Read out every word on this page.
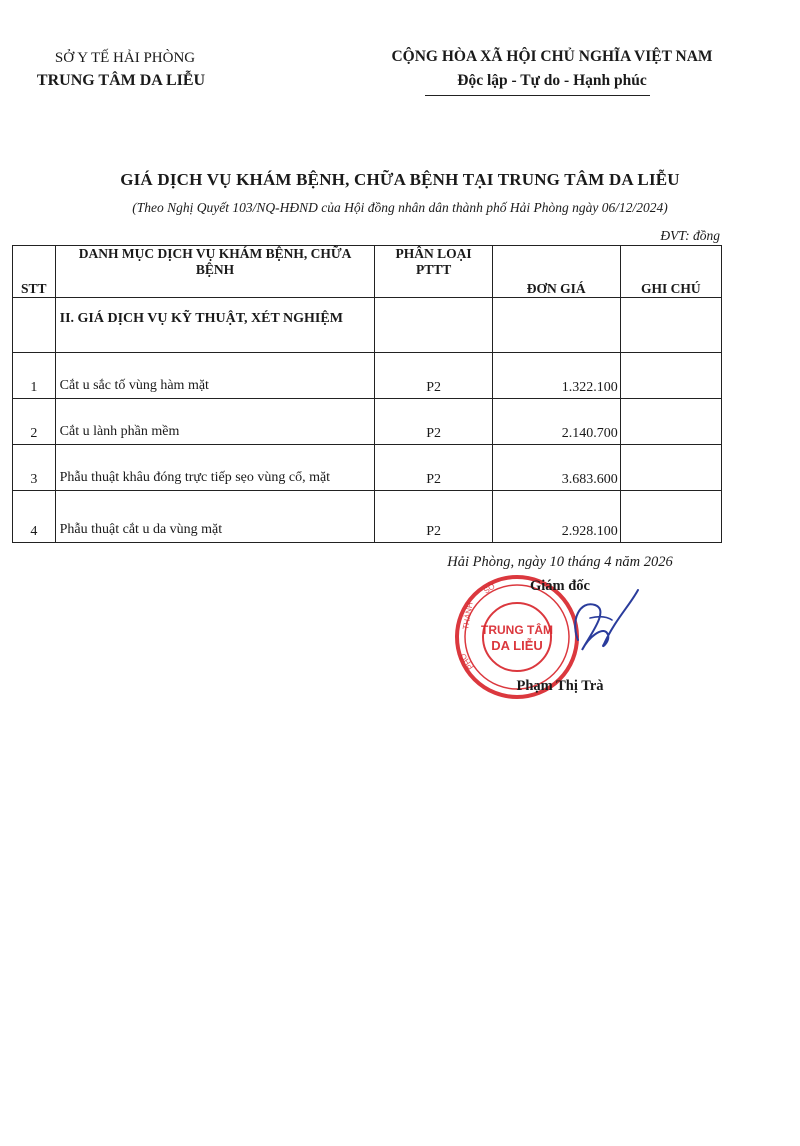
SỞ Y TẾ HẢI PHÒNG
TRUNG TÂM DA LIỄU
CỘNG HÒA XÃ HỘI CHỦ NGHĨA VIỆT NAM
Độc lập - Tự do - Hạnh phúc
GIÁ DỊCH VỤ KHÁM BỆNH, CHỮA BỆNH TẠI TRUNG TÂM DA LIỄU
(Theo Nghị Quyết 103/NQ-HĐND của Hội đồng nhân dân thành phố Hải Phòng ngày 06/12/2024)
ĐVT: đồng
STT	DANH MỤC DỊCH VỤ KHÁM BỆNH, CHỮA BỆNH	PHÂN LOẠI PTTT	ĐƠN GIÁ	GHI CHÚ
	II. GIÁ DỊCH VỤ KỸ THUẬT, XÉT NGHIỆM			
1	Cắt u sắc tố vùng hàm mặt	P2	1.322.100	
2	Cắt u lành phần mềm	P2	2.140.700	
3	Phẫu thuật khâu đóng trực tiếp sẹo vùng cổ, mặt	P2	3.683.600	
4	Phẫu thuật cắt u da vùng mặt	P2	2.928.100	
Hải Phòng, ngày 10 tháng 4 năm 2026
TRUNG TÂM
DA LIỄU
SỞ
THÀNH
PHỐ
Giám đốc
Phạm Thị Trà
